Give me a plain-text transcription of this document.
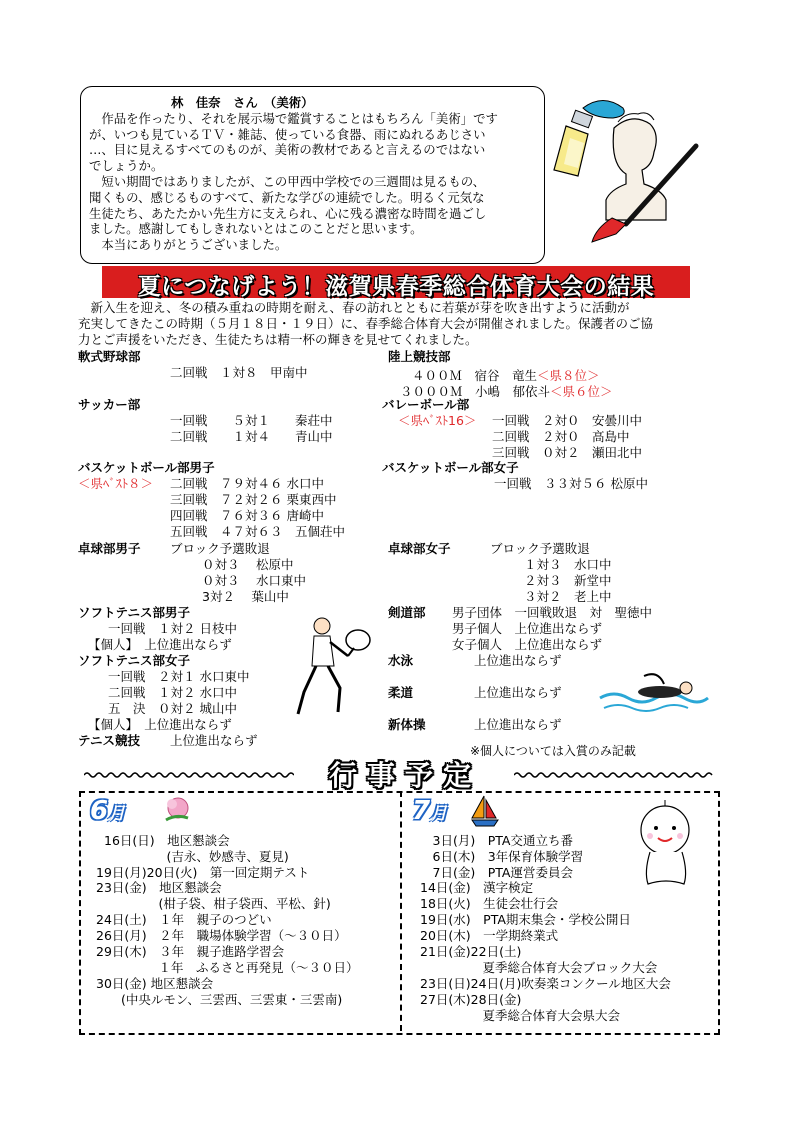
林　佳奈　さん　（美術）
　作品を作ったり、それを展示場で鑑賞することはもちろん「美術」です
が、いつも見ているＴＶ・雑誌、使っている食器、雨にぬれるあじさい
…、目に見えるすべてのものが、美術の教材であると言えるのではない
でしょうか。
　短い期間ではありましたが、この甲西中学校での三週間は見るもの、
聞くもの、感じるものすべて、新たな学びの連続でした。明るく元気な
生徒たち、あたたかい先生方に支えられ、心に残る濃密な時間を過ごし
ました。感謝してもしきれないとはこのことだと思います。
　本当にありがとうございました。
夏につなげよう！滋賀県春季総合体育大会の結果
　新入生を迎え、冬の積み重ねの時期を耐え、春の訪れとともに若葉が芽を吹き出すように活動が
充実してきたこの時期（５月１８日・１９日）に、春季総合体育大会が開催されました。保護者のご協
力とご声援をいただき、生徒たちは精一杯の輝きを見せてくれました。
軟式野球部
二回戦　１対８　甲南中
サッカー部
一回戦　　５対１　　秦荘中
二回戦　　１対４　　青山中
バスケットボール部男子
＜県ﾍﾞｽﾄ８＞ 二回戦　７９対４６ 水口中
三回戦　７２対２６ 栗東西中
四回戦　７６対３６ 唐崎中
五回戦　４７対６３　五個荘中
卓球部男子 ブロック予選敗退
０対３　 松原中
０対３　 水口東中
3対２　 葉山中
ソフトテニス部男子
一回戦　１対２ 日枝中
【個人】　上位進出ならず
ソフトテニス部女子
一回戦　２対１ 水口東中
二回戦　１対２ 水口中
五　決　０対２ 城山中
【個人】　上位進出ならず
テニス競技 上位進出ならず
陸上競技部
４００Ｍ　宿谷　竜生＜県８位＞
３０００Ｍ　小嶋　郁依斗＜県６位＞
バレーボール部
＜県ﾍﾞｽﾄ16＞ 一回戦　２対０　安曇川中
二回戦　２対０　高島中
三回戦　０対２　瀬田北中
バスケットボール部女子
一回戦　３３対５６ 松原中
卓球部女子	ブロック予選敗退
１対３　水口中
２対３　新堂中
３対２　老上中
剣道部 男子団体　一回戦敗退　対　聖徳中
男子個人　上位進出ならず
女子個人　上位進出ならず
水泳	上位進出ならず
柔道	上位進出ならず
新体操	上位進出ならず
※個人については入賞のみ記載
行事予定
6月
16日(日)　地区懇談会
　　　　　(吉永、妙感寺、夏見)
19日(月)20日(火)　第一回定期テスト
23日(金)　地区懇談会
　　　　　(柑子袋、柑子袋西、平松、針)
24日(土)　１年　親子のつどい
26日(月)　２年　職場体験学習（～３０日）
29日(木)　３年　親子進路学習会
　　　　　１年　ふるさと再発見（～３０日）
30日(金) 地区懇談会
　　(中央ルモン、三雲西、三雲東・三雲南)
7月
　3日(月)　PTA交通立ち番
　6日(木)　3年保育体験学習
　7日(金)　PTA運営委員会
14日(金)　漢字検定
18日(火)　生徒会壮行会
19日(水)　PTA期末集会・学校公開日
20日(木)　一学期終業式
21日(金)22日(土)
　　　　　夏季総合体育大会ブロック大会
23日(日)24日(月)吹奏楽コンクール地区大会
27日(木)28日(金)
　　　　　夏季総合体育大会県大会
